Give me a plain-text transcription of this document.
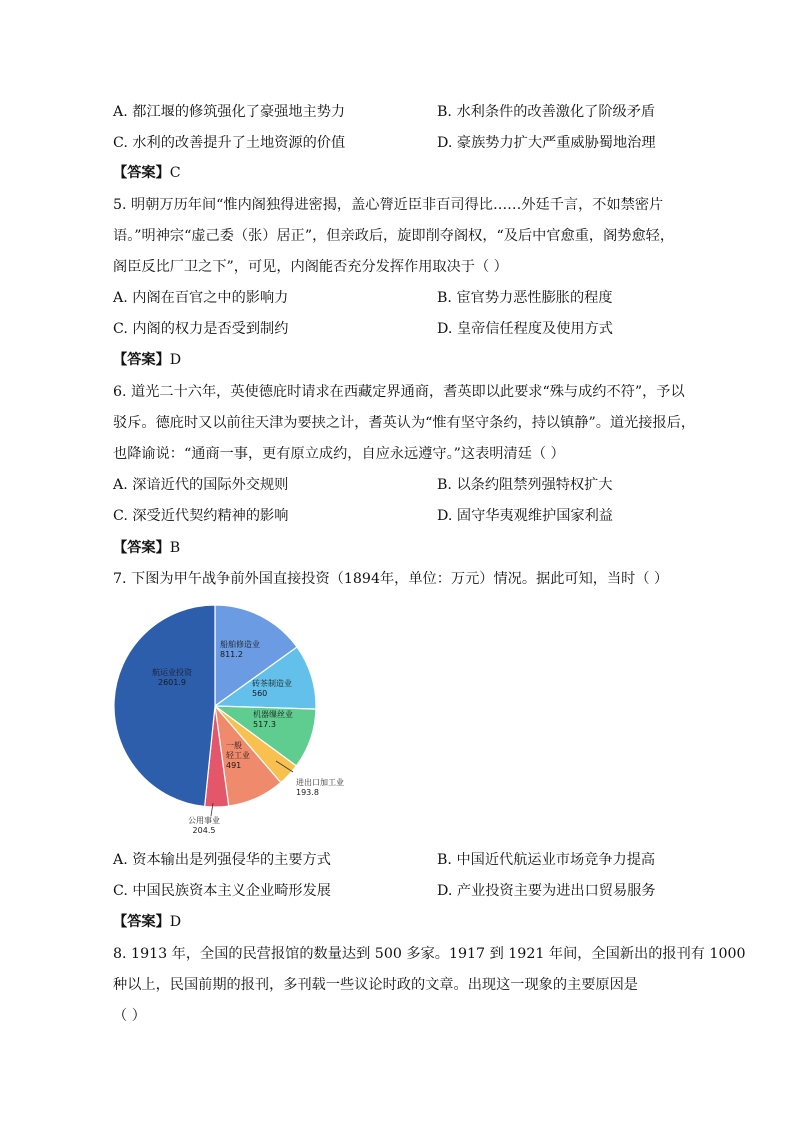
A. 都江堰的修筑强化了豪强地主势力	B. 水利条件的改善激化了阶级矛盾
C. 水利的改善提升了土地资源的价值	D. 豪族势力扩大严重威胁蜀地治理
【答案】C
5. 明朝万历年间“惟内阁独得进密揭，盖心膂近臣非百司得比……外廷千言，不如禁密片
语。”明神宗“虚己委（张）居正”，但亲政后，旋即削夺阁权，“及后中官愈重，阁势愈轻，
阁臣反比厂卫之下”，可见，内阁能否充分发挥作用取决于（ ）
A. 内阁在百官之中的影响力	B. 宦官势力恶性膨胀的程度
C. 内阁的权力是否受到制约	D. 皇帝信任程度及使用方式
【答案】D
6. 道光二十六年，英使德庇时请求在西藏定界通商，耆英即以此要求“殊与成约不符”，予以
驳斥。德庇时又以前往天津为要挟之计，耆英认为“惟有坚守条约，持以镇静”。道光接报后，
也降谕说：“通商一事，更有原立成约，自应永远遵守。”这表明清廷（ ）
A. 深谙近代的国际外交规则	B. 以条约阻禁列强特权扩大
C. 深受近代契约精神的影响	D. 固守华夷观维护国家利益
【答案】B
7. 下图为甲午战争前外国直接投资（1894年，单位：万元）情况。据此可知，当时（ ）
船舶修造业
811.2
砖茶制造业
560
机器缫丝业
517.3
进出口加工业
193.8
一般
轻工业
491
公用事业
204.5
航运业投资
2601.9
A. 资本输出是列强侵华的主要方式	B. 中国近代航运业市场竞争力提高
C. 中国民族资本主义企业畸形发展	D. 产业投资主要为进出口贸易服务
【答案】D
8. 1913 年，全国的民营报馆的数量达到 500 多家。1917 到 1921 年间，全国新出的报刊有 1000
种以上，民国前期的报刊，多刊载一些议论时政的文章。出现这一现象的主要原因是
（ ）
